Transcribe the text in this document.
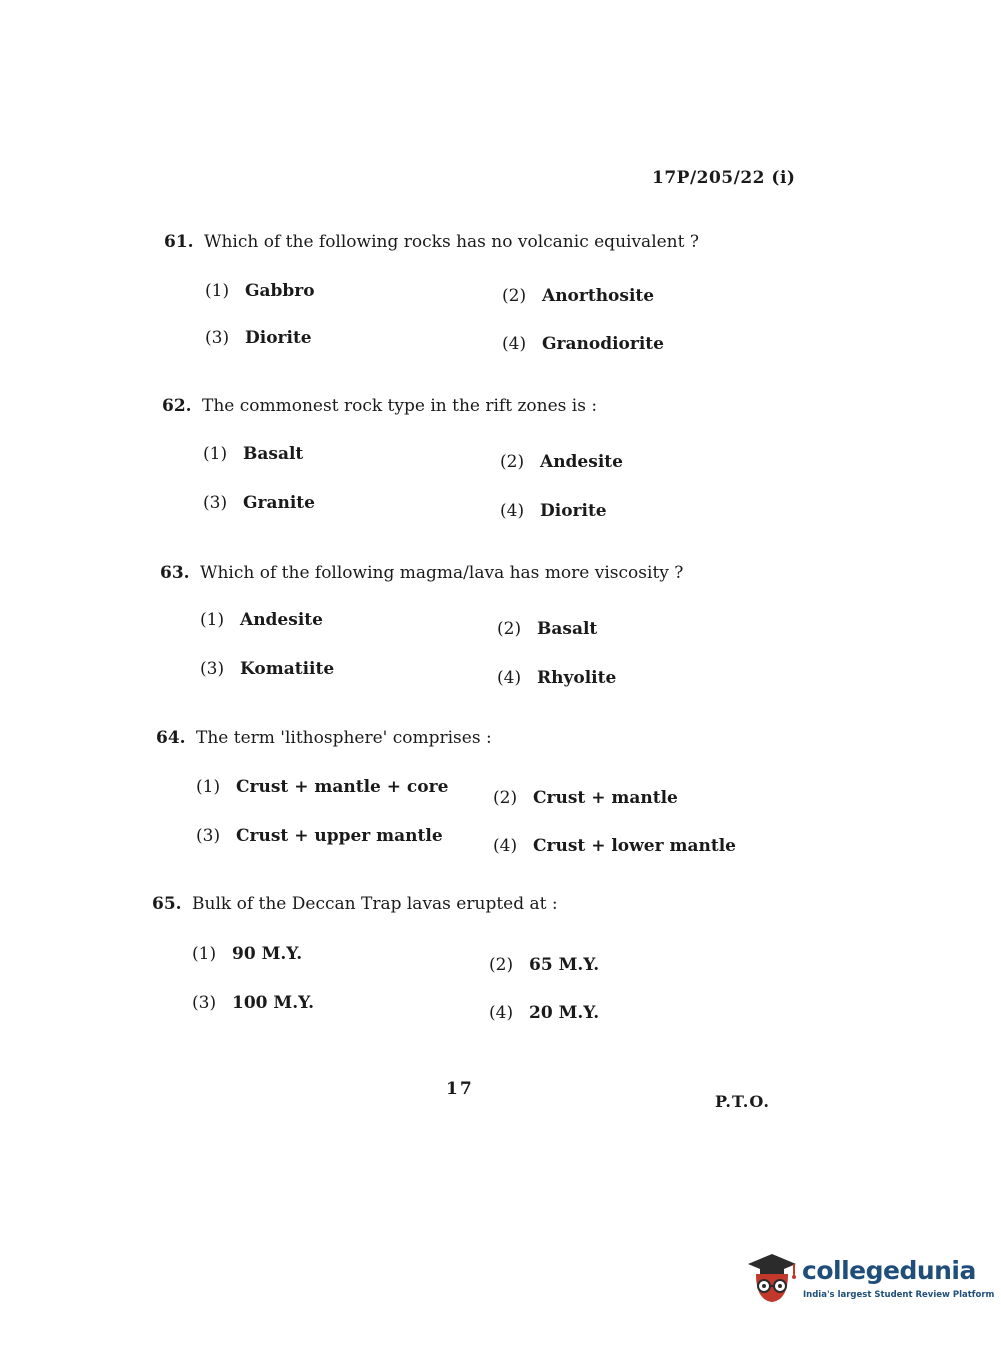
17P/205/22 (i)
61. Which of the following rocks has no volcanic equivalent ?
(1) Gabbro	(2) Anorthosite
(3) Diorite	(4) Granodiorite
62. The commonest rock type in the rift zones is :
(1) Basalt	(2) Andesite
(3) Granite	(4) Diorite
63. Which of the following magma/lava has more viscosity ?
(1) Andesite	(2) Basalt
(3) Komatiite	(4) Rhyolite
64. The term 'lithosphere' comprises :
(1) Crust + mantle + core
(2) Crust + mantle
(3) Crust + upper mantle	(4) Crust + lower mantle
65. Bulk of the Deccan Trap lavas erupted at :
(1) 90 M.Y.
(2) 65 M.Y.
(3) 100 M.Y.	(4) 20 M.Y.
17
P.T.O.
collegedunia
India's largest Student Review Platform
